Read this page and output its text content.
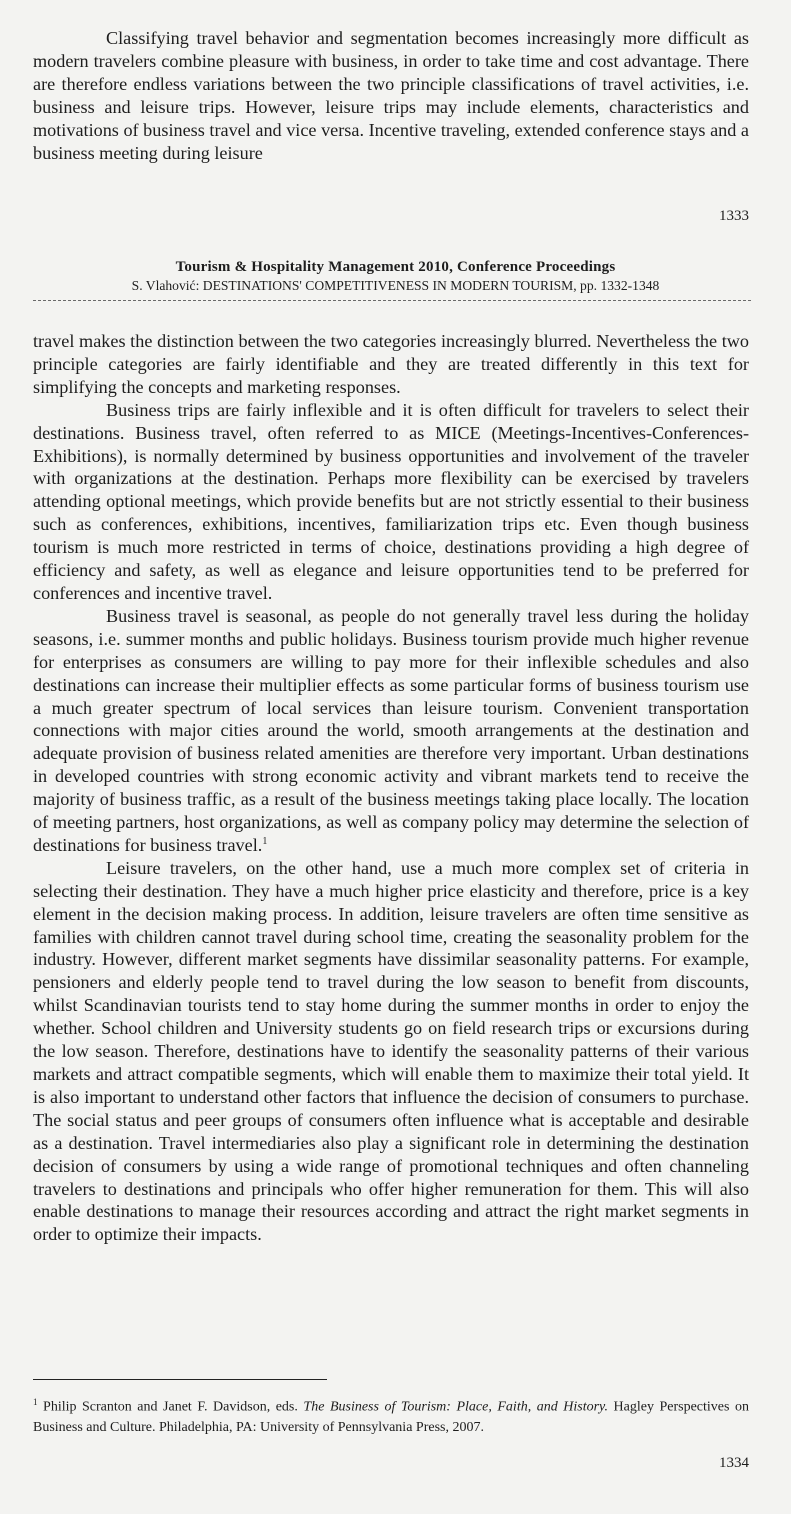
Classifying travel behavior and segmentation becomes increasingly more difficult as modern travelers combine pleasure with business, in order to take time and cost advantage. There are therefore endless variations between the two principle classifications of travel activities, i.e. business and leisure trips. However, leisure trips may include elements, characteristics and motivations of business travel and vice versa. Incentive traveling, extended conference stays and a business meeting during leisure

1333
Tourism & Hospitality Management 2010, Conference Proceedings
S. Vlahović: DESTINATIONS' COMPETITIVENESS IN MODERN TOURISM, pp. 1332-1348

travel makes the distinction between the two categories increasingly blurred. Nevertheless the two principle categories are fairly identifiable and they are treated differently in this text for simplifying the concepts and marketing responses.

Business trips are fairly inflexible and it is often difficult for travelers to select their destinations. Business travel, often referred to as MICE (Meetings-Incentives-Conferences-Exhibitions), is normally determined by business opportunities and involvement of the traveler with organizations at the destination. Perhaps more flexibility can be exercised by travelers attending optional meetings, which provide benefits but are not strictly essential to their business such as conferences, exhibitions, incentives, familiarization trips etc. Even though business tourism is much more restricted in terms of choice, destinations providing a high degree of efficiency and safety, as well as elegance and leisure opportunities tend to be preferred for conferences and incentive travel.

Business travel is seasonal, as people do not generally travel less during the holiday seasons, i.e. summer months and public holidays. Business tourism provide much higher revenue for enterprises as consumers are willing to pay more for their inflexible schedules and also destinations can increase their multiplier effects as some particular forms of business tourism use a much greater spectrum of local services than leisure tourism. Convenient transportation connections with major cities around the world, smooth arrangements at the destination and adequate provision of business related amenities are therefore very important. Urban destinations in developed countries with strong economic activity and vibrant markets tend to receive the majority of business traffic, as a result of the business meetings taking place locally. The location of meeting partners, host organizations, as well as company policy may determine the selection of destinations for business travel.$^1$

Leisure travelers, on the other hand, use a much more complex set of criteria in selecting their destination. They have a much higher price elasticity and therefore, price is a key element in the decision making process. In addition, leisure travelers are often time sensitive as families with children cannot travel during school time, creating the seasonality problem for the industry. However, different market segments have dissimilar seasonality patterns. For example, pensioners and elderly people tend to travel during the low season to benefit from discounts, whilst Scandinavian tourists tend to stay home during the summer months in order to enjoy the whether. School children and University students go on field research trips or excursions during the low season. Therefore, destinations have to identify the seasonality patterns of their various markets and attract compatible segments, which will enable them to maximize their total yield. It is also important to understand other factors that influence the decision of consumers to purchase. The social status and peer groups of consumers often influence what is acceptable and desirable as a destination. Travel intermediaries also play a significant role in determining the destination decision of consumers by using a wide range of promotional techniques and often channeling travelers to destinations and principals who offer higher remuneration for them. This will also enable destinations to manage their resources according and attract the right market segments in order to optimize their impacts.

$^1$ Philip Scranton and Janet F. Davidson, eds. The Business of Tourism: Place, Faith, and History. Hagley Perspectives on Business and Culture. Philadelphia, PA: University of Pennsylvania Press, 2007.
1334
